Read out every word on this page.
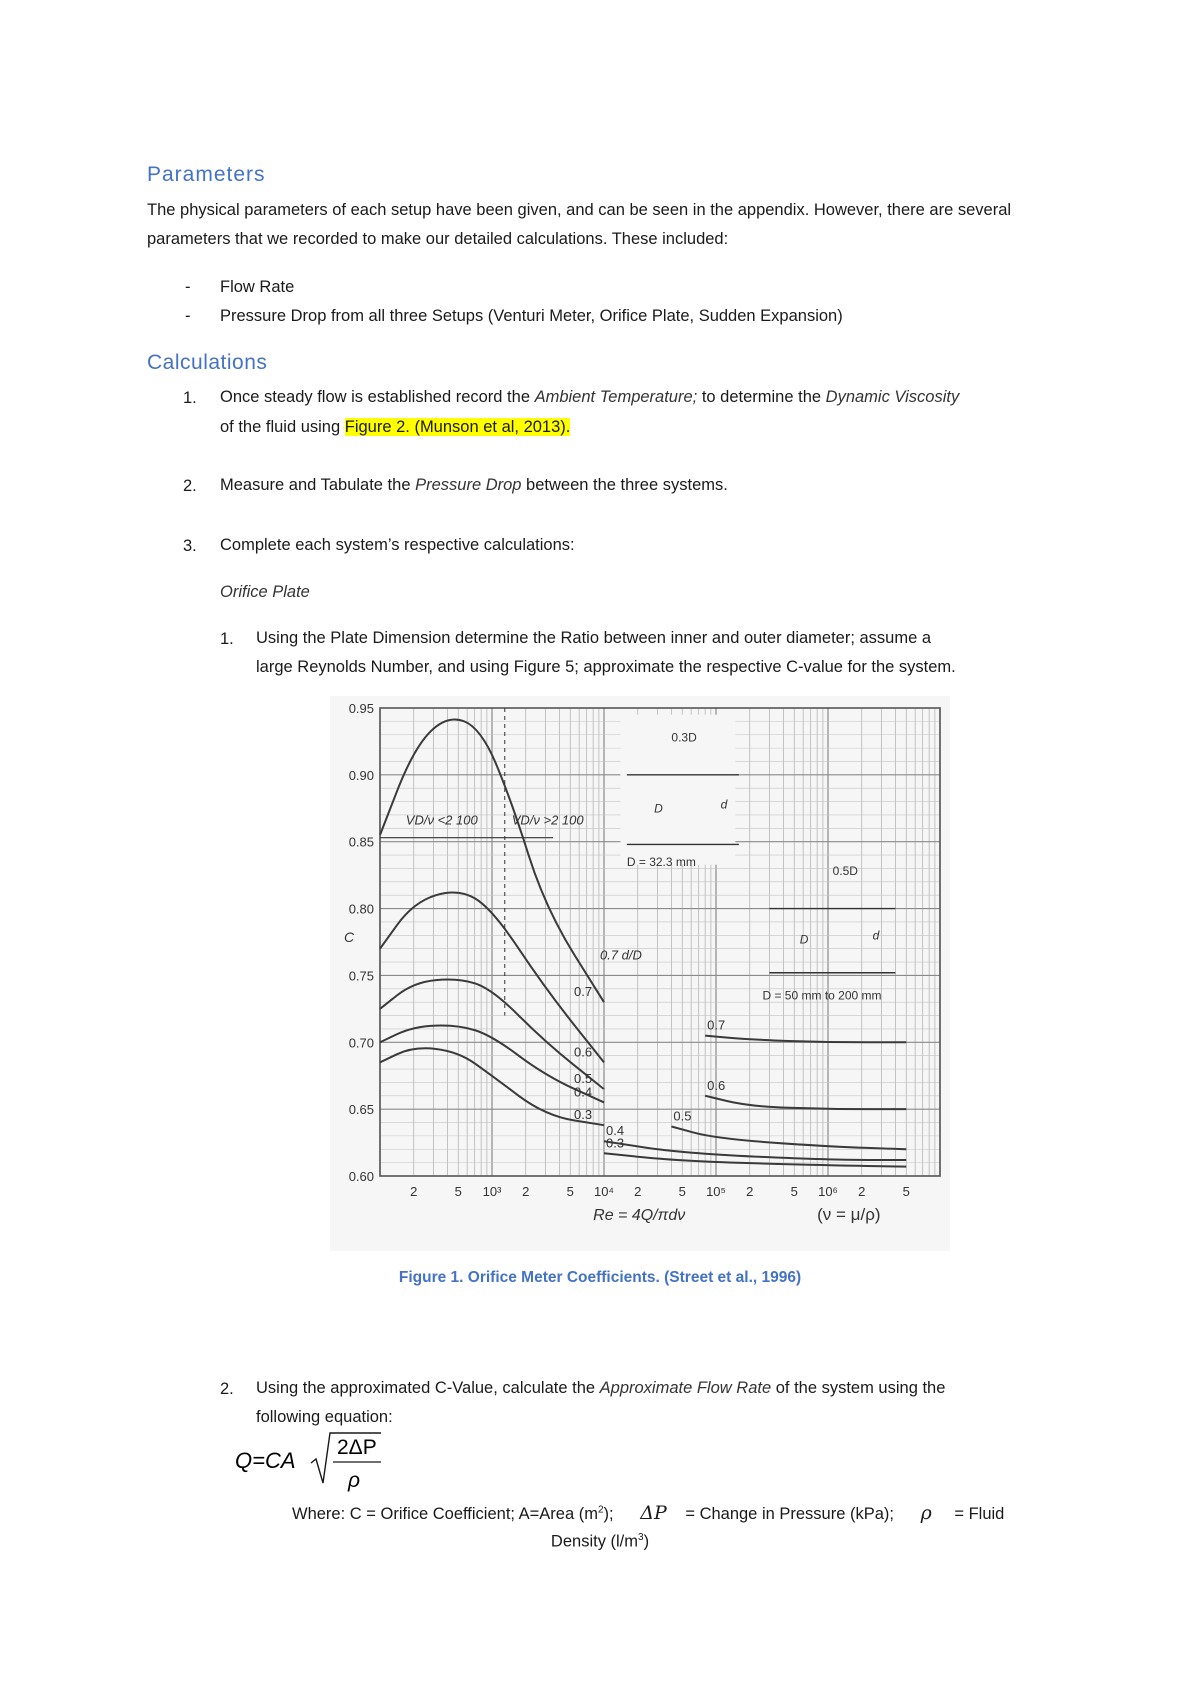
Parameters
The physical parameters of each setup have been given, and can be seen in the appendix. However, there are several parameters that we recorded to make our detailed calculations. These included:
- Flow Rate
- Pressure Drop from all three Setups (Venturi Meter, Orifice Plate, Sudden Expansion)
Calculations
1. Once steady flow is established record the Ambient Temperature; to determine the Dynamic Viscosity
of the fluid using Figure 2. (Munson et al, 2013).
2. Measure and Tabulate the Pressure Drop between the three systems.
3. Complete each system’s respective calculations:
Orifice Plate
1. Using the Plate Dimension determine the Ratio between inner and outer diameter; assume a
large Reynolds Number, and using Figure 5; approximate the respective C-value for the system.
0.95
0.90
0.85
0.80
0.75
0.70
0.65
0.60
2	5 10³ 2	5 10⁴ 2	5 10⁵ 2	5 10⁶ 2	5
C
Re = 4Q/πdν	(ν = μ/ρ)
0.7
0.6
0.5
0.4
0.3
0.7
0.6
0.5
0.4
0.3
VD/ν <2 100	VD/ν >2 100
0.7 d/D
0.3D
D	d
D = 32.3 mm
0.5D
D	d
D = 50 mm to 200 mm
Figure 1. Orifice Meter Coefficients. (Street et al., 1996)
2. Using the approximated C-Value, calculate the Approximate Flow Rate of the system using the
following equation:
Q=CA
2ΔP
ρ
Where: C = Orifice Coefficient; A=Area $(m^2)$; ΔP = Change in Pressure (kPa); ρ = Fluid
Density $(l/m^3)$
